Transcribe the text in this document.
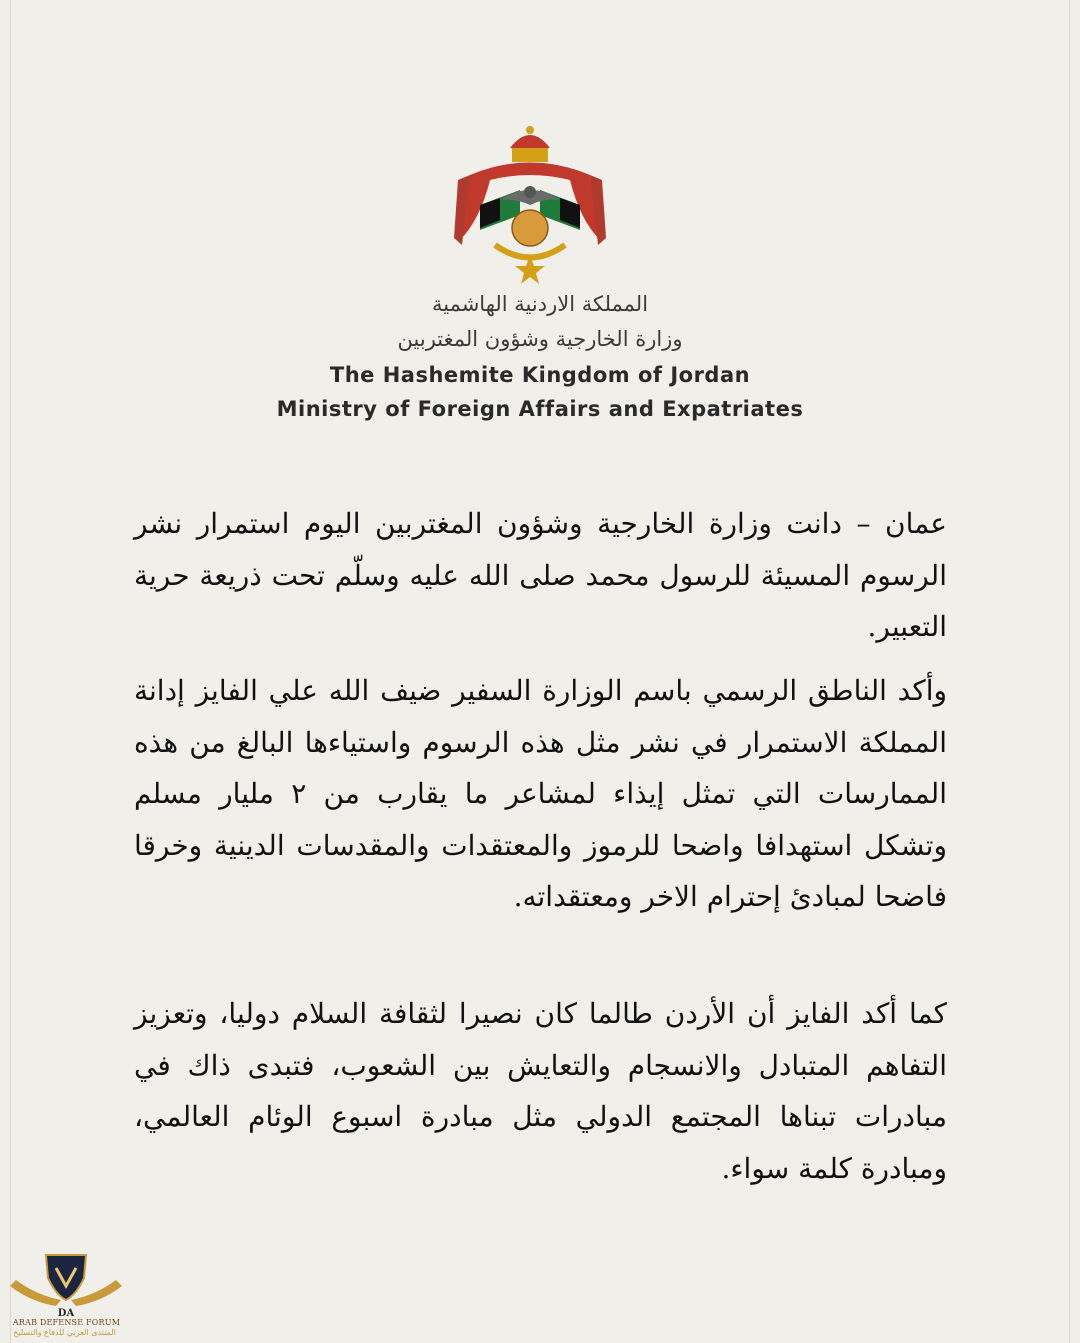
المملكة الاردنية الهاشمية
وزارة الخارجية وشؤون المغتربين
The Hashemite Kingdom of Jordan
Ministry of Foreign Affairs and Expatriates

عمان – دانت وزارة الخارجية وشؤون المغتربين اليوم استمرار نشر الرسوم المسيئة للرسول محمد صلى الله عليه وسلّم تحت ذريعة حرية التعبير.

وأكد الناطق الرسمي باسم الوزارة السفير ضيف الله علي الفايز إدانة المملكة الاستمرار في نشر مثل هذه الرسوم واستياءها البالغ من هذه الممارسات التي تمثل إيذاء لمشاعر ما يقارب من ٢ مليار مسلم وتشكل استهدافا واضحا للرموز والمعتقدات والمقدسات الدينية وخرقا فاضحا لمبادئ إحترام الاخر ومعتقداته.

كما أكد الفايز أن الأردن طالما كان نصيرا لثقافة السلام دوليا، وتعزيز التفاهم المتبادل والانسجام والتعايش بين الشعوب، فتبدى ذاك في مبادرات تبناها المجتمع الدولي مثل مبادرة اسبوع الوئام العالمي، ومبادرة كلمة سواء.

DA
ARAB DEFENSE FORUM
المنتدى العربي للدفاع والتسليح
